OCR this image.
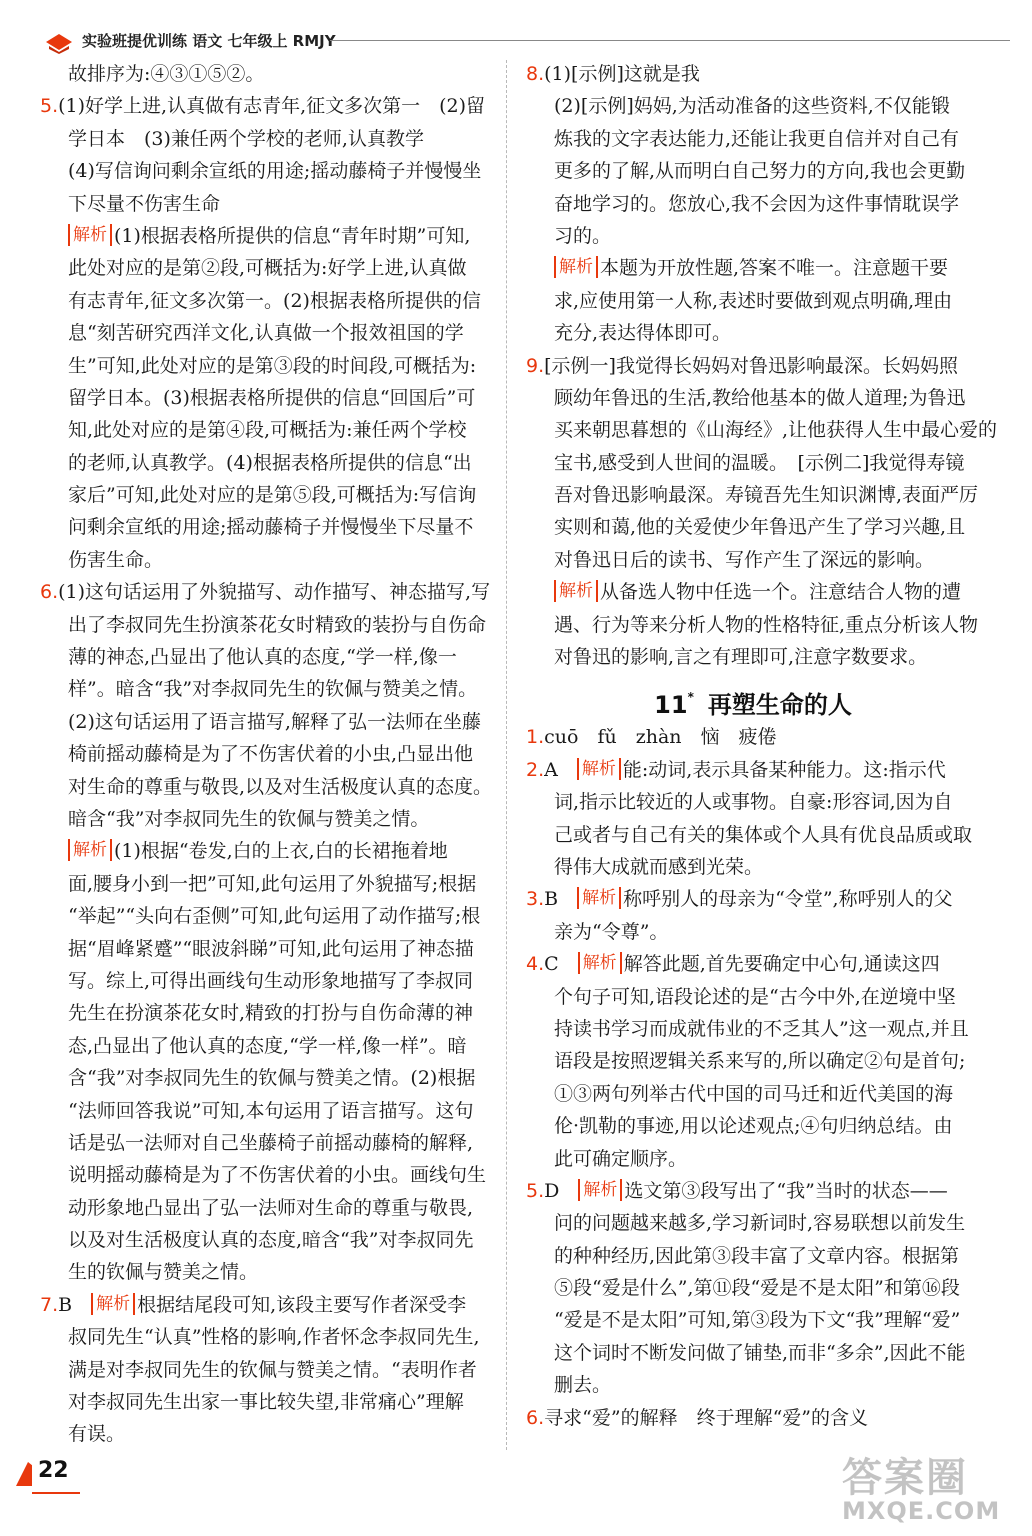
实验班提优训练 语文 七年级上 RMJY
故排序为:④③①⑤②。
5.(1)好学上进,认真做有志青年,征文多次第一　(2)留
学日本　(3)兼任两个学校的老师,认真教学
(4)写信询问剩余宣纸的用途;摇动藤椅子并慢慢坐
下尽量不伤害生命
解析 (1)根据表格所提供的信息“青年时期”可知,
此处对应的是第②段,可概括为:好学上进,认真做
有志青年,征文多次第一。(2)根据表格所提供的信
息“刻苦研究西洋文化,认真做一个报效祖国的学
生”可知,此处对应的是第③段的时间段,可概括为:
留学日本。(3)根据表格所提供的信息“回国后”可
知,此处对应的是第④段,可概括为:兼任两个学校
的老师,认真教学。(4)根据表格所提供的信息“出
家后”可知,此处对应的是第⑤段,可概括为:写信询
问剩余宣纸的用途;摇动藤椅子并慢慢坐下尽量不
伤害生命。
6.(1)这句话运用了外貌描写、动作描写、神态描写,写
出了李叔同先生扮演茶花女时精致的装扮与自伤命
薄的神态,凸显出了他认真的态度,“学一样,像一
样”。暗含“我”对李叔同先生的钦佩与赞美之情。
(2)这句话运用了语言描写,解释了弘一法师在坐藤
椅前摇动藤椅是为了不伤害伏着的小虫,凸显出他
对生命的尊重与敬畏,以及对生活极度认真的态度。
暗含“我”对李叔同先生的钦佩与赞美之情。
解析 (1)根据“卷发,白的上衣,白的长裙拖着地
面,腰身小到一把”可知,此句运用了外貌描写;根据
“举起”“头向右歪侧”可知,此句运用了动作描写;根
据“眉峰紧蹙”“眼波斜睇”可知,此句运用了神态描
写。综上,可得出画线句生动形象地描写了李叔同
先生在扮演茶花女时,精致的打扮与自伤命薄的神
态,凸显出了他认真的态度,“学一样,像一样”。暗
含“我”对李叔同先生的钦佩与赞美之情。(2)根据
“法师回答我说”可知,本句运用了语言描写。这句
话是弘一法师对自己坐藤椅子前摇动藤椅的解释,
说明摇动藤椅是为了不伤害伏着的小虫。画线句生
动形象地凸显出了弘一法师对生命的尊重与敬畏,
以及对生活极度认真的态度,暗含“我”对李叔同先
生的钦佩与赞美之情。
7.B　解析 根据结尾段可知,该段主要写作者深受李
叔同先生“认真”性格的影响,作者怀念李叔同先生,
满是对李叔同先生的钦佩与赞美之情。“表明作者
对李叔同先生出家一事比较失望,非常痛心”理解
有误。
8.(1)[示例]这就是我
(2)[示例]妈妈,为活动准备的这些资料,不仅能锻
炼我的文字表达能力,还能让我更自信并对自己有
更多的了解,从而明白自己努力的方向,我也会更勤
奋地学习的。您放心,我不会因为这件事情耽误学
习的。
解析 本题为开放性题,答案不唯一。注意题干要
求,应使用第一人称,表述时要做到观点明确,理由
充分,表达得体即可。
9.[示例一]我觉得长妈妈对鲁迅影响最深。长妈妈照
顾幼年鲁迅的生活,教给他基本的做人道理;为鲁迅
买来朝思暮想的《山海经》,让他获得人生中最心爱的
宝书,感受到人世间的温暖。　[示例二]我觉得寿镜
吾对鲁迅影响最深。寿镜吾先生知识渊博,表面严厉
实则和蔼,他的关爱使少年鲁迅产生了学习兴趣,且
对鲁迅日后的读书、写作产生了深远的影响。
解析 从备选人物中任选一个。注意结合人物的遭
遇、行为等来分析人物的性格特征,重点分析该人物
对鲁迅的影响,言之有理即可,注意字数要求。
11* 再塑生命的人
1.cuō　fǔ　zhàn　恼　疲倦
2.A　解析 能:动词,表示具备某种能力。这:指示代
词,指示比较近的人或事物。自豪:形容词,因为自
己或者与自己有关的集体或个人具有优良品质或取
得伟大成就而感到光荣。
3.B　解析 称呼别人的母亲为“令堂”,称呼别人的父
亲为“令尊”。
4.C　解析 解答此题,首先要确定中心句,通读这四
个句子可知,语段论述的是“古今中外,在逆境中坚
持读书学习而成就伟业的不乏其人”这一观点,并且
语段是按照逻辑关系来写的,所以确定②句是首句;
①③两句列举古代中国的司马迁和近代美国的海
伦·凯勒的事迹,用以论述观点;④句归纳总结。由
此可确定顺序。
5.D　解析 选文第③段写出了“我”当时的状态——
问的问题越来越多,学习新词时,容易联想以前发生
的种种经历,因此第③段丰富了文章内容。根据第
⑤段“爱是什么”,第⑪段“爱是不是太阳”和第⑯段
“爱是不是太阳”可知,第③段为下文“我”理解“爱”
这个词时不断发问做了铺垫,而非“多余”,因此不能
删去。
6.寻求“爱”的解释　终于理解“爱”的含义
22	答案圈
MXQE.COM
